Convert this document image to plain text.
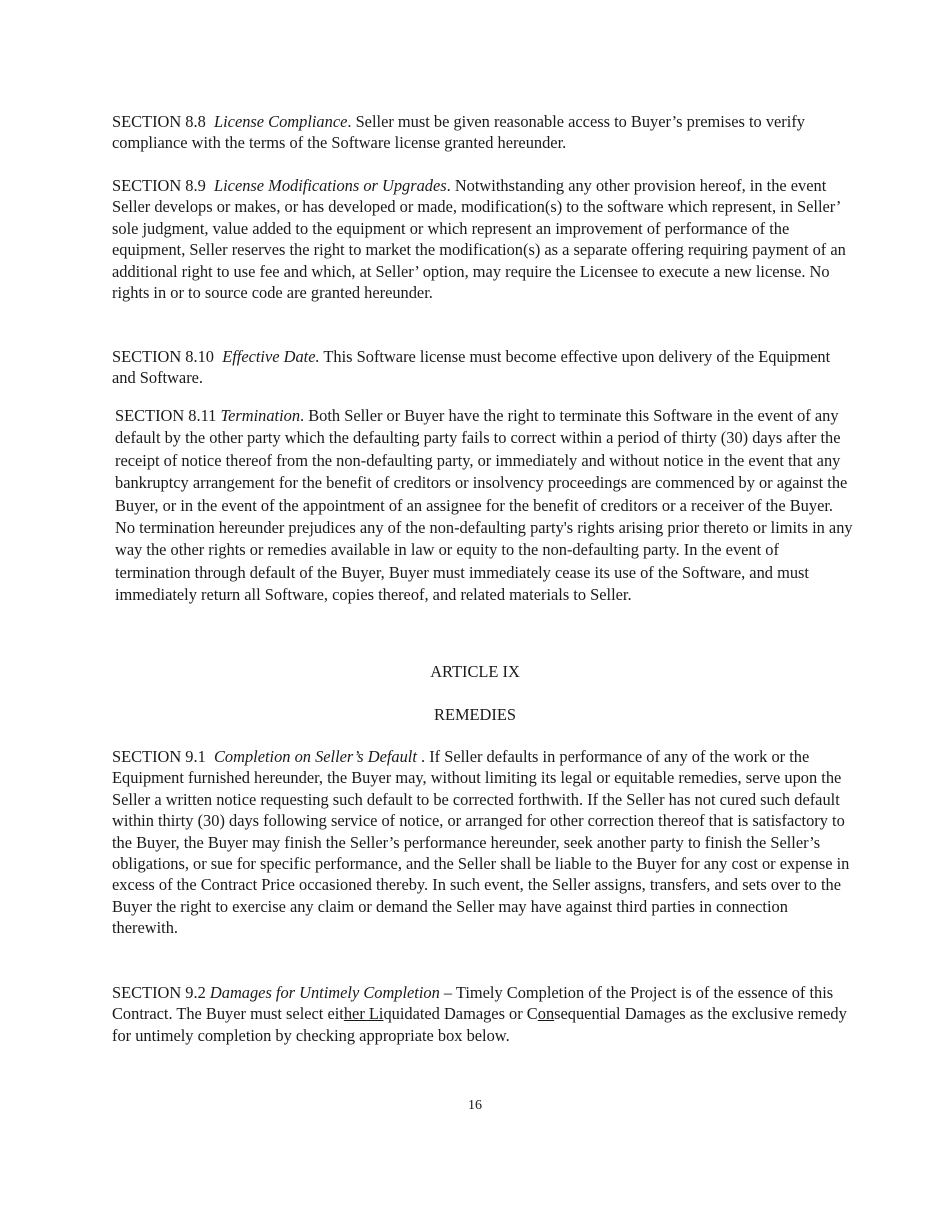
SECTION 8.8 License Compliance. Seller must be given reasonable access to Buyer’s premises to verify compliance with the terms of the Software license granted hereunder.

SECTION 8.9 License Modifications or Upgrades. Notwithstanding any other provision hereof, in the event Seller develops or makes, or has developed or made, modification(s) to the software which represent, in Seller’ sole judgment, value added to the equipment or which represent an improvement of performance of the equipment, Seller reserves the right to market the modification(s) as a separate offering requiring payment of an additional right to use fee and which, at Seller’ option, may require the Licensee to execute a new license. No rights in or to source code are granted hereunder.

SECTION 8.10 Effective Date. This Software license must become effective upon delivery of the Equipment and Software.

SECTION 8.11 Termination. Both Seller or Buyer have the right to terminate this Software in the event of any default by the other party which the defaulting party fails to correct within a period of thirty (30) days after the receipt of notice thereof from the non-defaulting party, or immediately and without notice in the event that any bankruptcy arrangement for the benefit of creditors or insolvency proceedings are commenced by or against the Buyer, or in the event of the appointment of an assignee for the benefit of creditors or a receiver of the Buyer. No termination hereunder prejudices any of the non-defaulting party's rights arising prior thereto or limits in any way the other rights or remedies available in law or equity to the non-defaulting party. In the event of termination through default of the Buyer, Buyer must immediately cease its use of the Software, and must immediately return all Software, copies thereof, and related materials to Seller.

ARTICLE IX

REMEDIES

SECTION 9.1 Completion on Seller’s Default . If Seller defaults in performance of any of the work or the Equipment furnished hereunder, the Buyer may, without limiting its legal or equitable remedies, serve upon the Seller a written notice requesting such default to be corrected forthwith. If the Seller has not cured such default within thirty (30) days following service of notice, or arranged for other correction thereof that is satisfactory to the Buyer, the Buyer may finish the Seller’s performance hereunder, seek another party to finish the Seller’s obligations, or sue for specific performance, and the Seller shall be liable to the Buyer for any cost or expense in excess of the Contract Price occasioned thereby. In such event, the Seller assigns, transfers, and sets over to the Buyer the right to exercise any claim or demand the Seller may have against third parties in connection therewith.

SECTION 9.2 Damages for Untimely Completion – Timely Completion of the Project is of the essence of this Contract. The Buyer must select either Liquidated Damages or Consequential Damages as the exclusive remedy for untimely completion by checking appropriate box below.

16
